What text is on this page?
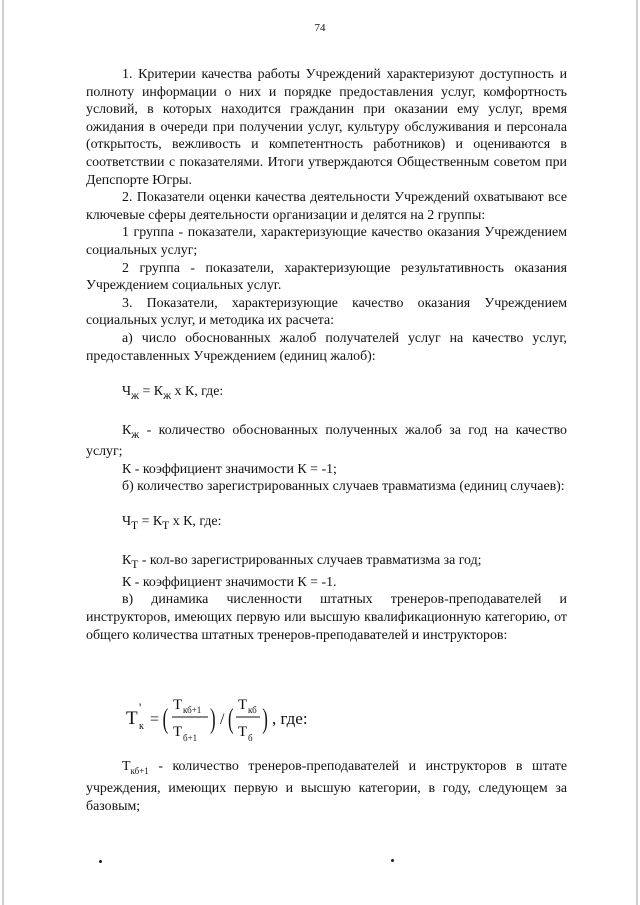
74

1. Критерии качества работы Учреждений характеризуют доступность и полноту информации о них и порядке предоставления услуг, комфортность условий, в которых находится гражданин при оказании ему услуг, время ожидания в очереди при получении услуг, культуру обслуживания и персонала (открытость, вежливость и компетентность работников) и оцениваются в соответствии с показателями. Итоги утверждаются Общественным советом при Депспорте Югры.

2. Показатели оценки качества деятельности Учреждений охватывают все ключевые сферы деятельности организации и делятся на 2 группы:

1 группа - показатели, характеризующие качество оказания Учреждением социальных услуг;

2 группа - показатели, характеризующие результативность оказания Учреждением социальных услуг.

3. Показатели, характеризующие качество оказания Учреждением социальных услуг, и методика их расчета:

а) число обоснованных жалоб получателей услуг на качество услуг, предоставленных Учреждением (единиц жалоб):

$Ч_ж = К_ж$ х К, где:

$К_ж$ - количество обоснованных полученных жалоб за год на качество услуг;

К - коэффициент значимости К = -1;

б) количество зарегистрированных случаев травматизма (единиц случаев):

$Ч_Т = К_Т$ х К, где:

$К_Т - кол-во$ зарегистрированных случаев травматизма за год;

К - коэффициент значимости К = -1.

в) динамика численности штатных тренеров-преподавателей и инструкторов, имеющих первую или высшую квалификационную категорию, от общего количества штатных тренеров-преподавателей и инструкторов:

Т к
'
= ( Т кб+1
Т б+1
) / ( Т кб
Т б
) , где:

$Т_{кб+1}$ - количество тренеров-преподавателей и инструкторов в штате учреждения, имеющих первую и высшую категории, в году, следующем за базовым;
